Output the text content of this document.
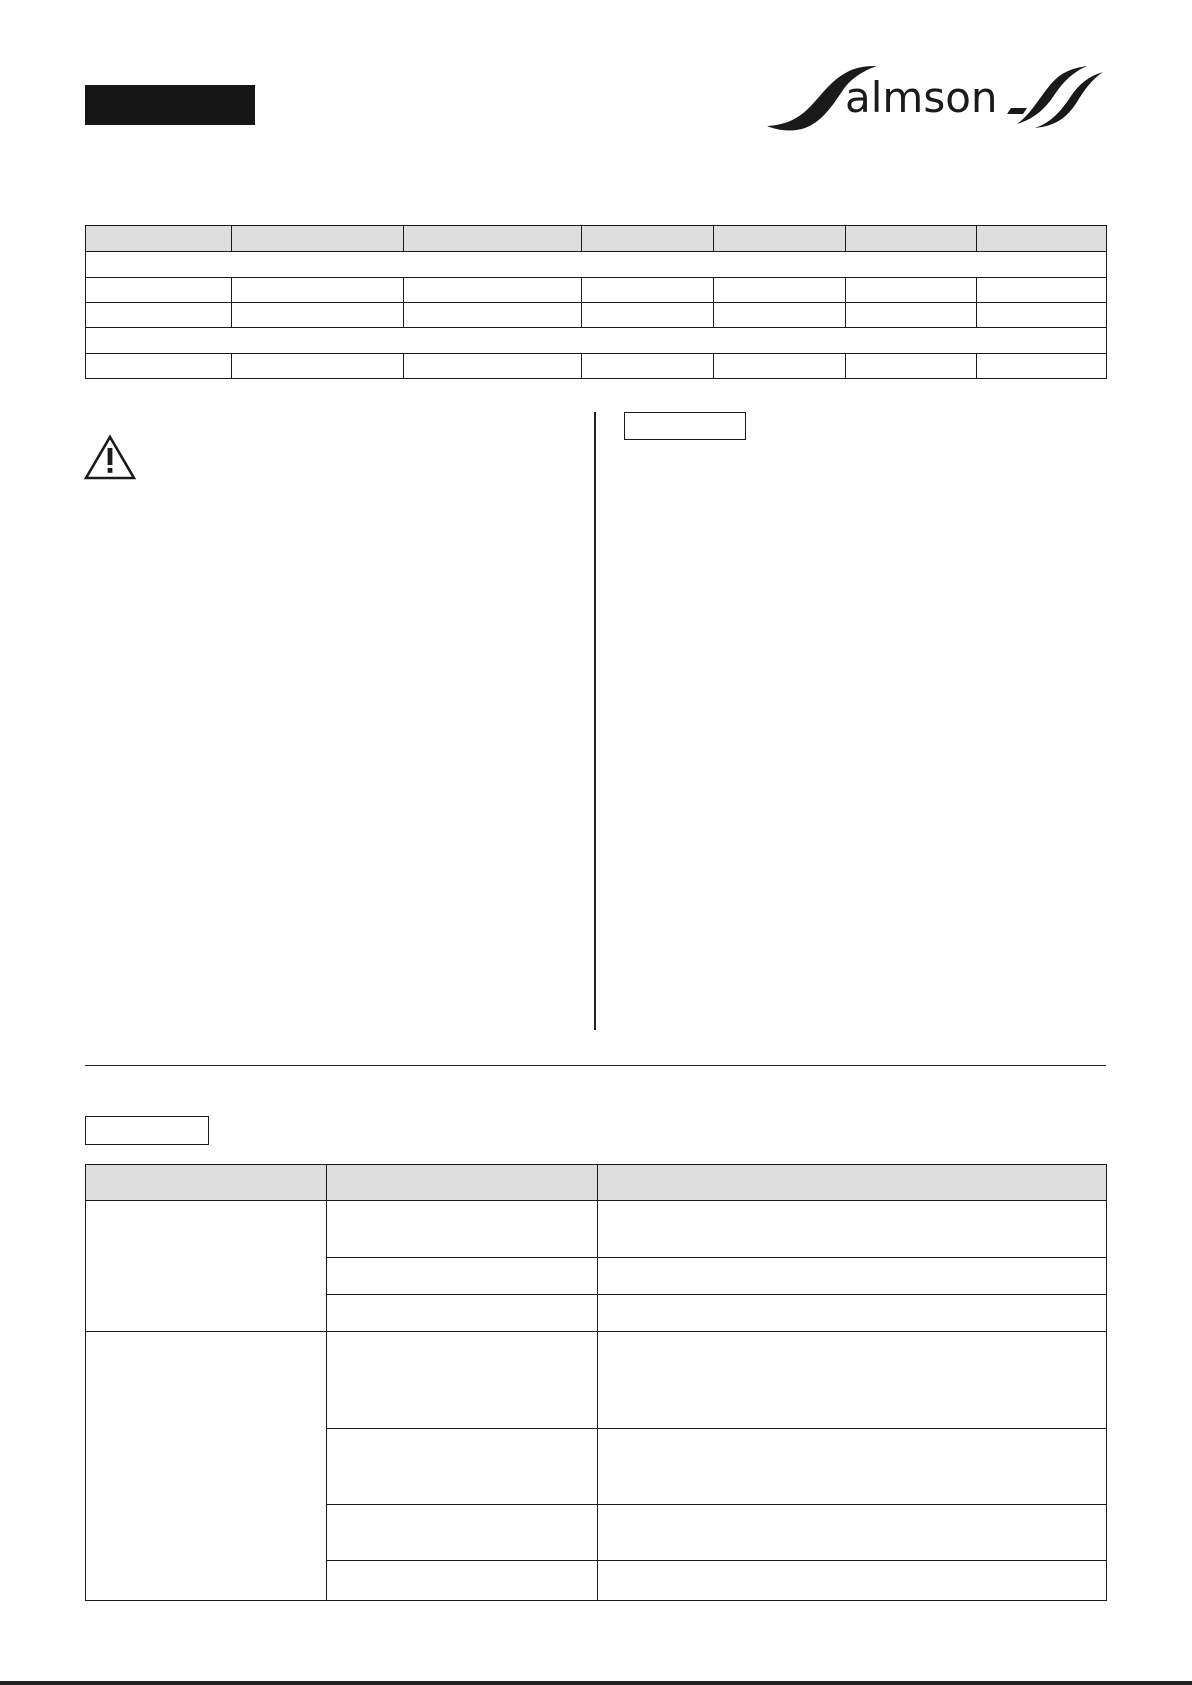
almson
